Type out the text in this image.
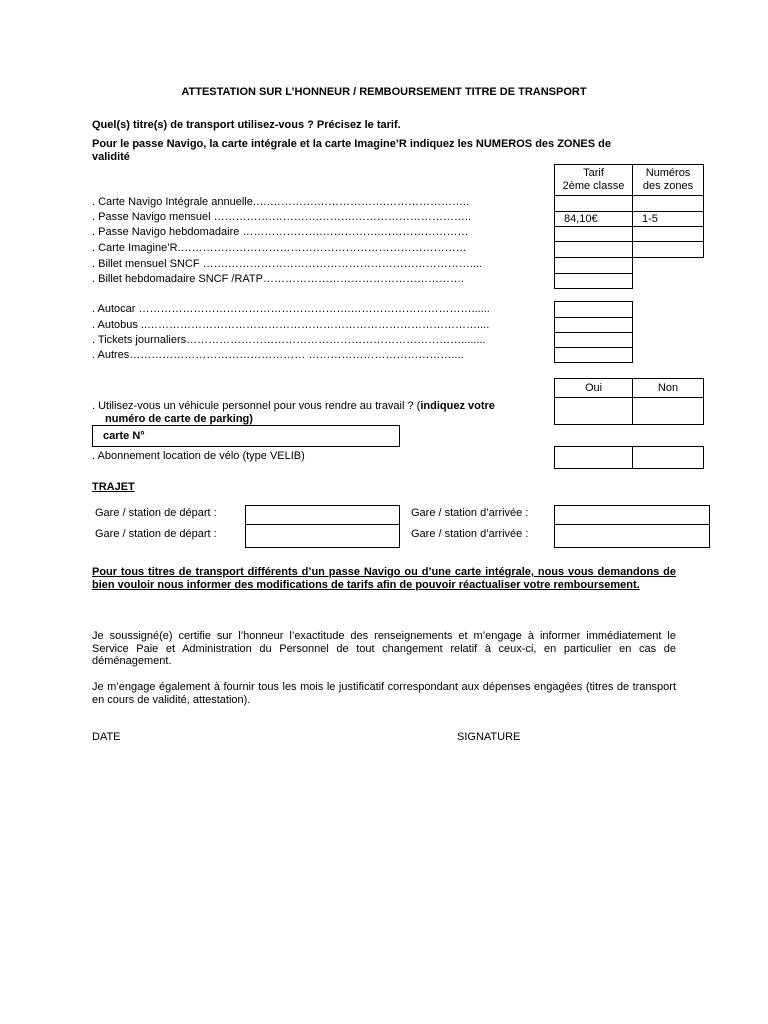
ATTESTATION SUR L’HONNEUR / REMBOURSEMENT TITRE DE TRANSPORT
Quel(s) titre(s) de transport utilisez-vous ? Précisez le tarif.
Pour le passe Navigo, la carte intégrale et la carte Imagine’R indiquez les NUMEROS des ZONES de
validité
Tarif
2ème classe
Numéros
des zones
. Carte Navigo Intégrale annuelle.….………….……………….…………………..
. Passe Navigo mensuel …………….………….……….…………………………..	84,10€	1-5
. Passe Navigo hebdomadaire ………………….…………….……………………
. Carte Imagine’R.……………………………………………………………………
. Billet mensuel SNCF …….…………………………………………………………....
. Billet hebdomadaire SNCF /RATP……………………………………………….
. Autocar ………………………………………………….……………………………......
. Autobus ..………………………………………………………………………………....
. Tickets journaliers…………………………………………………………………........
. Autres………………………………………… …………………………………....
Oui	Non
. Utilisez-vous un véhicule personnel pour vous rendre au travail ? (indiquez votre
numéro de carte de parking)
carte N°
. Abonnement location de vélo (type VELIB)
TRAJET
Gare / station de départ :	Gare / station d’arrivée :
Gare / station de départ :	Gare / station d’arrivée :
Pour tous titres de transport différents d’un passe Navigo ou d’une carte intégrale, nous vous demandons de bien vouloir nous informer des modifications de tarifs afin de pouvoir réactualiser votre remboursement.
Je soussigné(e) certifie sur l’honneur l’exactitude des renseignements et m’engage à informer immédiatement le Service Paie et Administration du Personnel de tout changement relatif à ceux-ci, en particulier en cas de déménagement.
Je m’engage également à fournir tous les mois le justificatif correspondant aux dépenses engagées (titres de transport en cours de validité, attestation).
DATE	SIGNATURE
